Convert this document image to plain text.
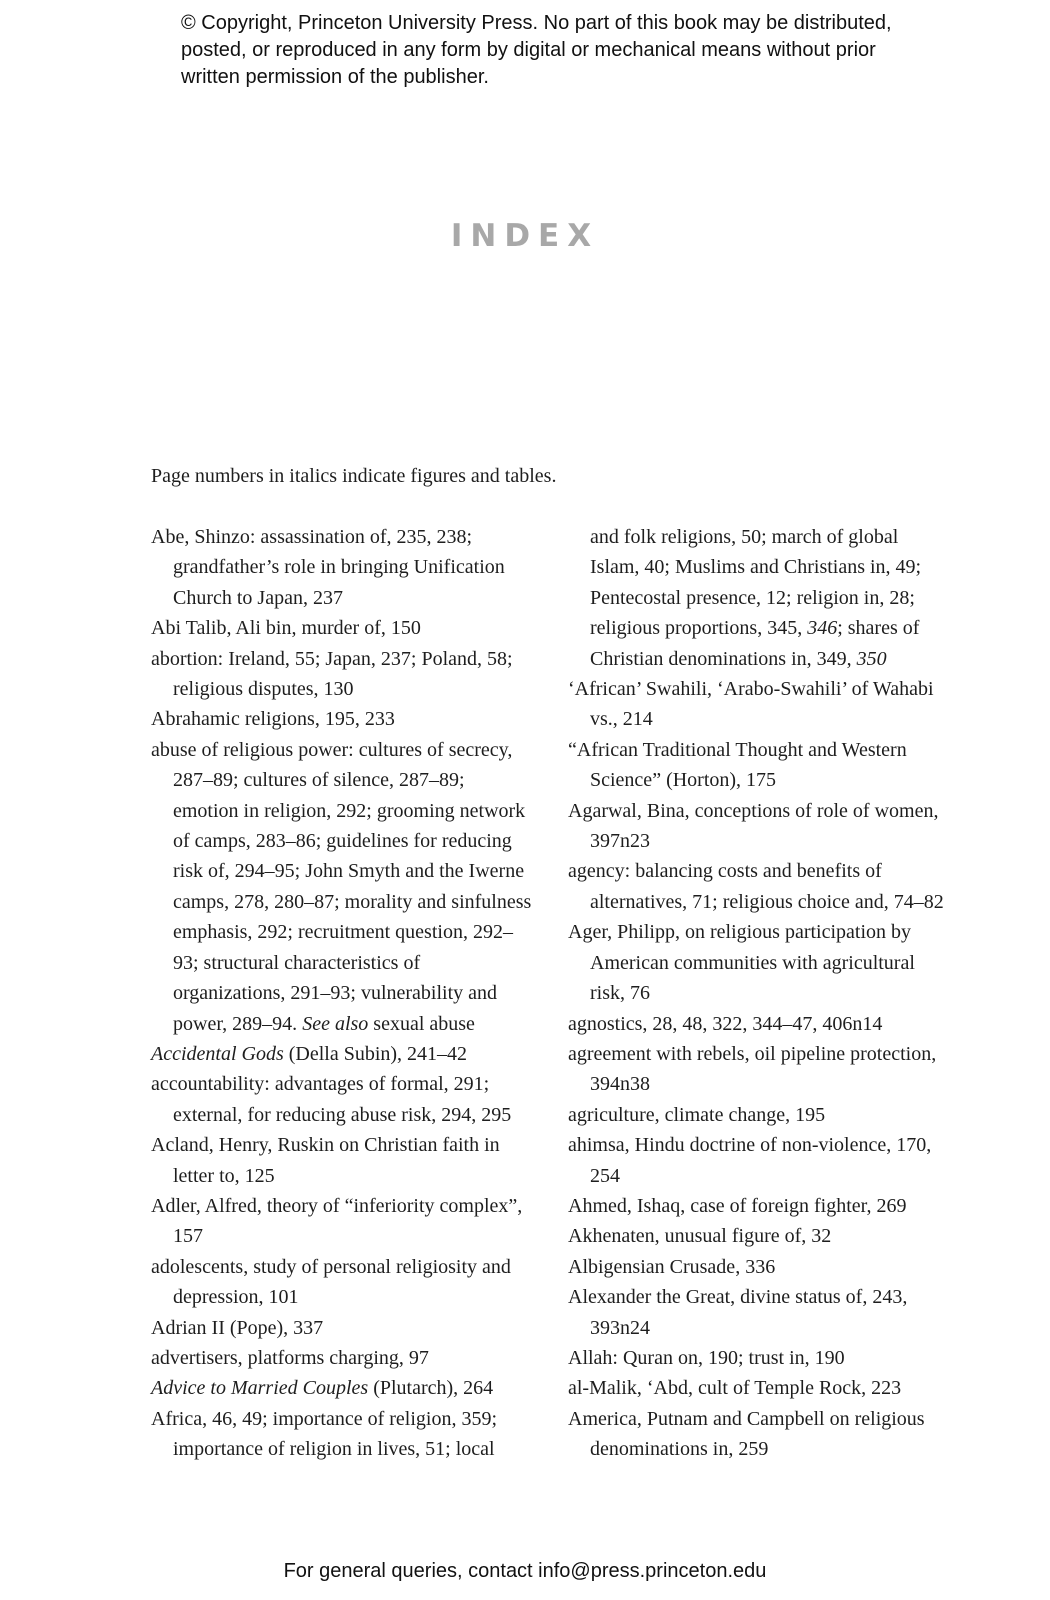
© Copyright, Princeton University Press. No part of this book may be distributed, posted, or reproduced in any form by digital or mechanical means without prior written permission of the publisher.
INDEX
Page numbers in italics indicate figures and tables.
Abe, Shinzo: assassination of, 235, 238; grandfather’s role in bringing Unification Church to Japan, 237
Abi Talib, Ali bin, murder of, 150
abortion: Ireland, 55; Japan, 237; Poland, 58; religious disputes, 130
Abrahamic religions, 195, 233
abuse of religious power: cultures of secrecy, 287–89; cultures of silence, 287–89; emotion in religion, 292; grooming network of camps, 283–86; guidelines for reducing risk of, 294–95; John Smyth and the Iwerne camps, 278, 280–87; morality and sinfulness emphasis, 292; recruitment question, 292–93; structural characteristics of organizations, 291–93; vulnerability and power, 289–94. See also sexual abuse
Accidental Gods (Della Subin), 241–42
accountability: advantages of formal, 291; external, for reducing abuse risk, 294, 295
Acland, Henry, Ruskin on Christian faith in letter to, 125
Adler, Alfred, theory of “inferiority complex”, 157
adolescents, study of personal religiosity and depression, 101
Adrian II (Pope), 337
advertisers, platforms charging, 97
Advice to Married Couples (Plutarch), 264
Africa, 46, 49; importance of religion, 359; importance of religion in lives, 51; local
and folk religions, 50; march of global Islam, 40; Muslims and Christians in, 49; Pentecostal presence, 12; religion in, 28; religious proportions, 345, 346; shares of Christian denominations in, 349, 350
‘African’ Swahili, ‘Arabo-Swahili’ of Wahabi vs., 214
“African Traditional Thought and Western Science” (Horton), 175
Agarwal, Bina, conceptions of role of women, 397n23
agency: balancing costs and benefits of alternatives, 71; religious choice and, 74–82
Ager, Philipp, on religious participation by American communities with agricultural risk, 76
agnostics, 28, 48, 322, 344–47, 406n14
agreement with rebels, oil pipeline protection, 394n38
agriculture, climate change, 195
ahimsa, Hindu doctrine of non-violence, 170, 254
Ahmed, Ishaq, case of foreign fighter, 269
Akhenaten, unusual figure of, 32
Albigensian Crusade, 336
Alexander the Great, divine status of, 243, 393n24
Allah: Quran on, 190; trust in, 190
al-Malik, ‘Abd, cult of Temple Rock, 223
America, Putnam and Campbell on religious denominations in, 259
For general queries, contact info@press.princeton.edu
